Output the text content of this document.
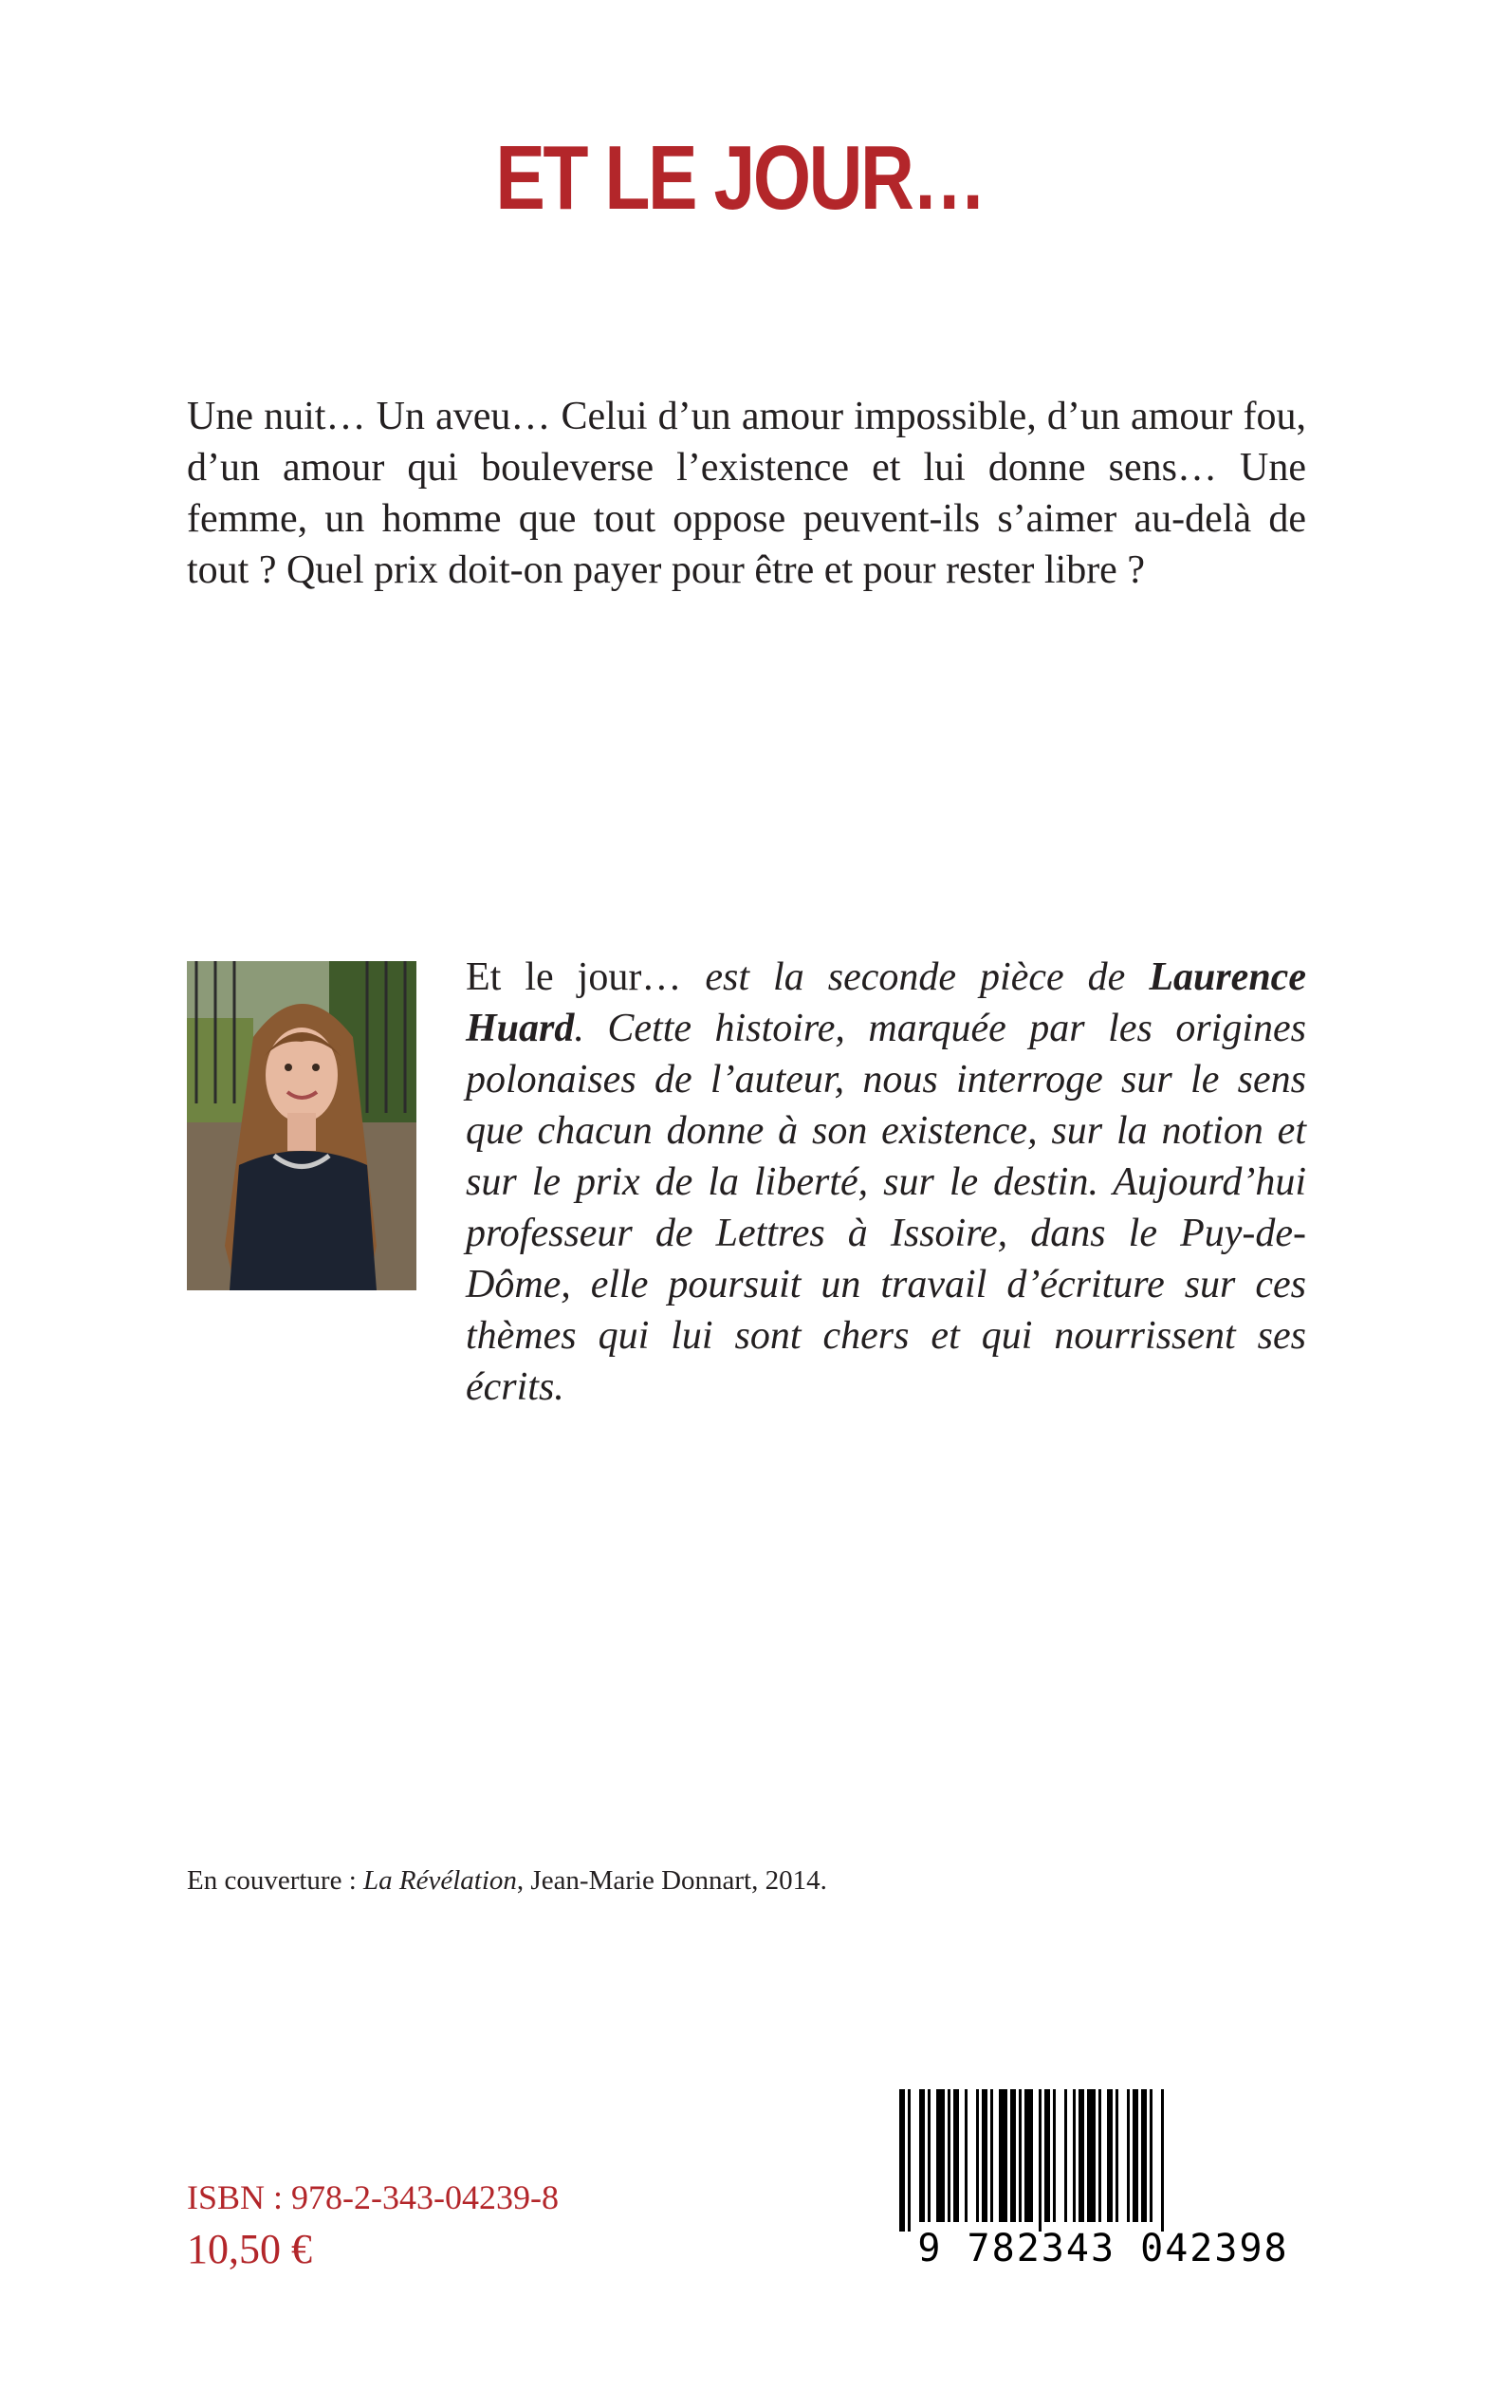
ET LE JOUR…

Une nuit… Un aveu… Celui d’un amour impossible, d’un amour fou, d’un amour qui bouleverse l’existence et lui donne sens… Une femme, un homme que tout oppose peuvent-ils s’aimer au-delà de tout ? Quel prix doit-on payer pour être et pour rester libre ?

Et le jour… est la seconde pièce de Laurence Huard. Cette histoire, marquée par les origines polonaises de l’auteur, nous interroge sur le sens que chacun donne à son existence, sur la notion et sur le prix de la liberté, sur le destin. Aujourd’hui professeur de Lettres à Issoire, dans le Puy-de-Dôme, elle poursuit un travail d’écriture sur ces thèmes qui lui sont chers et qui nourrissent ses écrits.

En couverture : La Révélation, Jean-Marie Donnart, 2014.

ISBN : 978-2-343-04239-8
10,50 €	9 782343 042398
